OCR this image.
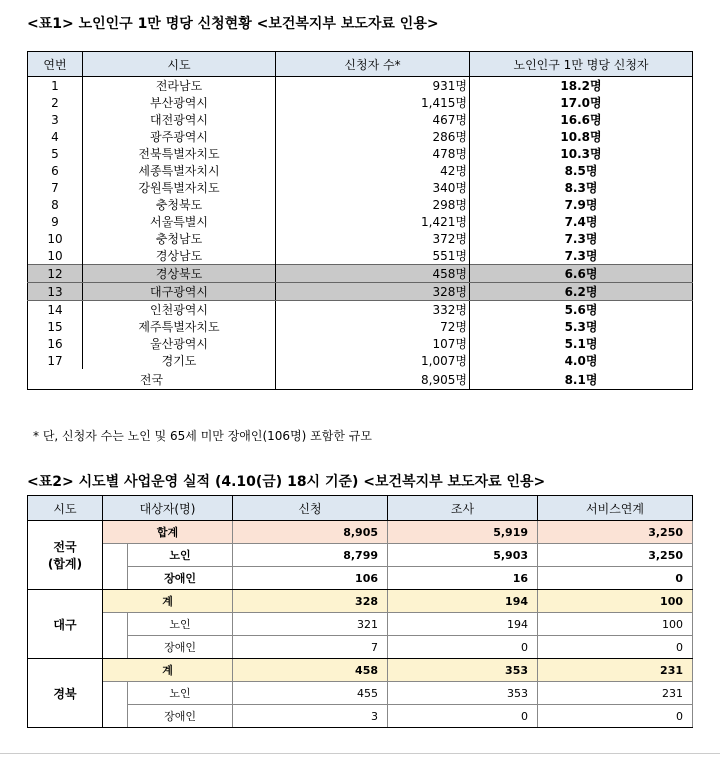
<표1> 노인인구 1만 명당 신청현황 <보건복지부 보도자료 인용>
연번	시도	신청자 수*	노인인구 1만 명당 신청자
1	전라남도	931명	18.2명
2	부산광역시	1,415명	17.0명
3	대전광역시	467명	16.6명
4	광주광역시	286명	10.8명
5	전북특별자치도	478명	10.3명
6	세종특별자치시	42명	8.5명
7	강원특별자치도	340명	8.3명
8	충청북도	298명	7.9명
9	서울특별시	1,421명	7.4명
10	충청남도	372명	7.3명
10	경상남도	551명	7.3명
12	경상북도	458명	6.6명
13	대구광역시	328명	6.2명
14	인천광역시	332명	5.6명
15	제주특별자치도	72명	5.3명
16	울산광역시	107명	5.1명
17	경기도	1,007명	4.0명
전국		8,905명	8.1명
* 단, 신청자 수는 노인 및 65세 미만 장애인(106명) 포함한 규모
<표2> 시도별 사업운영 실적 (4.10(금) 18시 기준) <보건복지부 보도자료 인용>
시도	대상자(명)		신청	조사	서비스연계
전국
(합계)	합계		8,905	5,919	3,250
		노인	8,799	5,903	3,250
		장애인	106	16	0
대구	계		328	194	100
		노인	321	194	100
		장애인	7	0	0
경북	계		458	353	231
		노인	455	353	231
		장애인	3	0	0
